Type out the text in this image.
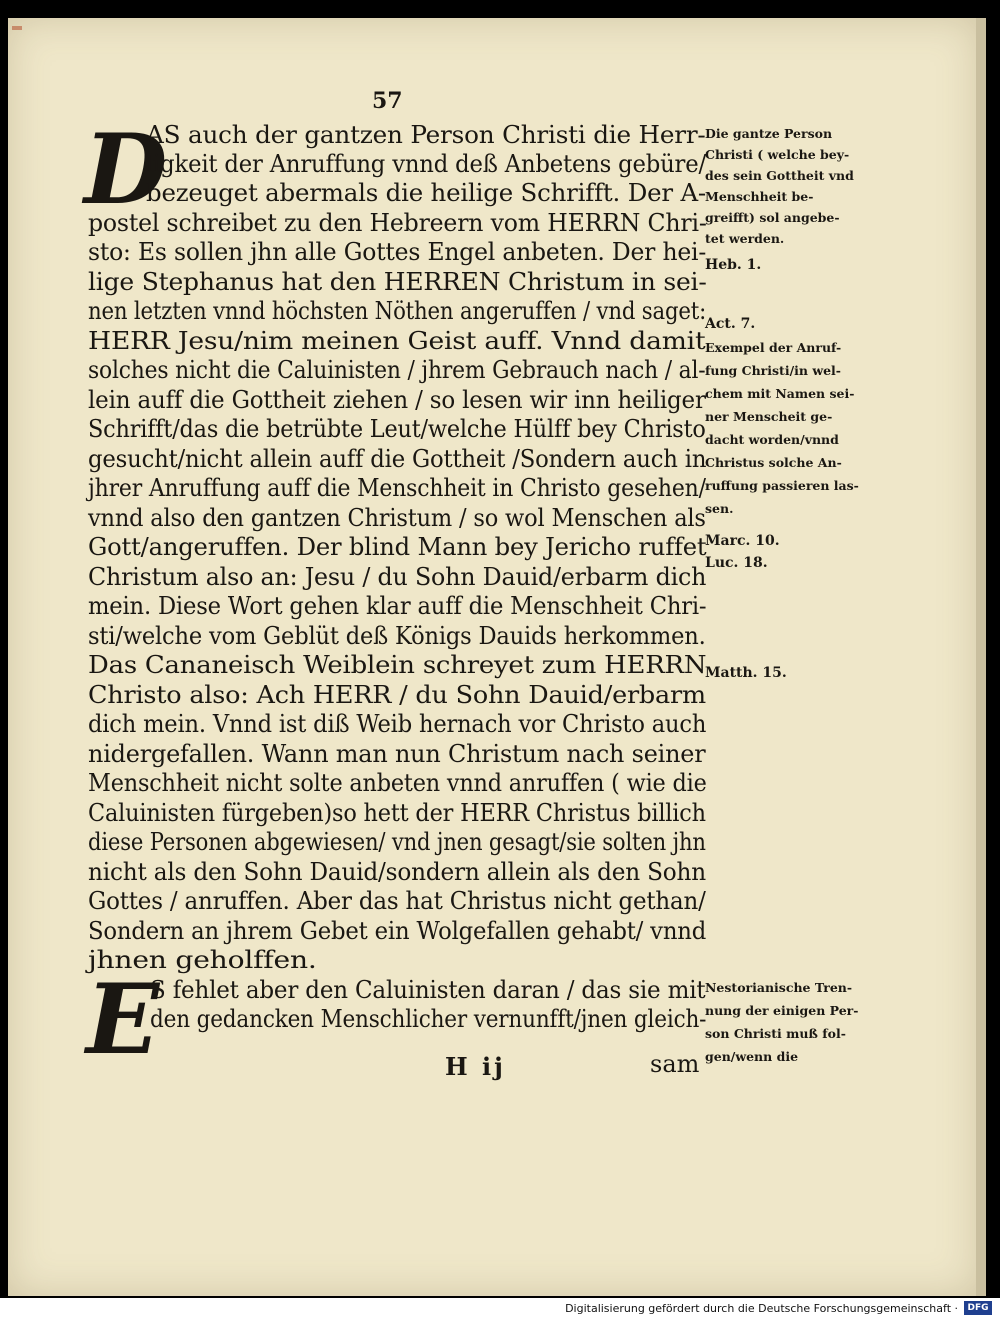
57
D
AS auch der gantzen Person Christi die Herr-
ligkeit der Anruffung vnnd deß Anbetens gebüre/
bezeuget abermals die heilige Schrifft. Der A-
postel schreibet zu den Hebreern vom HERRN Chri-
sto: Es sollen jhn alle Gottes Engel anbeten. Der hei-
lige Stephanus hat den HERREN Christum in sei-
nen letzten vnnd höchsten Nöthen angeruffen / vnd saget:
HERR Jesu/nim meinen Geist auff. Vnnd damit
solches nicht die Caluinisten / jhrem Gebrauch nach / al-
lein auff die Gottheit ziehen / so lesen wir inn heiliger
Schrifft/das die betrübte Leut/welche Hülff bey Christo
gesucht/nicht allein auff die Gottheit /Sondern auch in
jhrer Anruffung auff die Menschheit in Christo gesehen/
vnnd also den gantzen Christum / so wol Menschen als
Gott/angeruffen. Der blind Mann bey Jericho ruffet
Christum also an: Jesu / du Sohn Dauid/erbarm dich
mein. Diese Wort gehen klar auff die Menschheit Chri-
sti/welche vom Geblüt deß Königs Dauids herkommen.
Das Cananeisch Weiblein schreyet zum HERRN
Christo also: Ach HERR / du Sohn Dauid/erbarm
dich mein. Vnnd ist diß Weib hernach vor Christo auch
nidergefallen. Wann man nun Christum nach seiner
Menschheit nicht solte anbeten vnnd anruffen ( wie die
Caluinisten fürgeben)so hett der HERR Christus billich
diese Personen abgewiesen/ vnd jnen gesagt/sie solten jhn
nicht als den Sohn Dauid/sondern allein als den Sohn
Gottes / anruffen. Aber das hat Christus nicht gethan/
Sondern an jhrem Gebet ein Wolgefallen gehabt/ vnnd
jhnen geholffen.
E
S fehlet aber den Caluinisten daran / das sie mit
den gedancken Menschlicher vernunfft/jnen gleich-
H ij	sam
Die gantze Person
Christi ( welche bey-
des sein Gottheit vnd
Menschheit be-
greifft) sol angebe-
tet werden.
Heb. 1.
Act. 7.
Exempel der Anruf-
fung Christi/in wel-
chem mit Namen sei-
ner Menscheit ge-
dacht worden/vnnd
Christus solche An-
ruffung passieren las-
sen.
Marc. 10.
Luc. 18.
Matth. 15.
Nestorianische Tren-
nung der einigen Per-
son Christi muß fol-
gen/wenn die
Digitalisierung gefördert durch die Deutsche Forschungsgemeinschaft ·	DFG
